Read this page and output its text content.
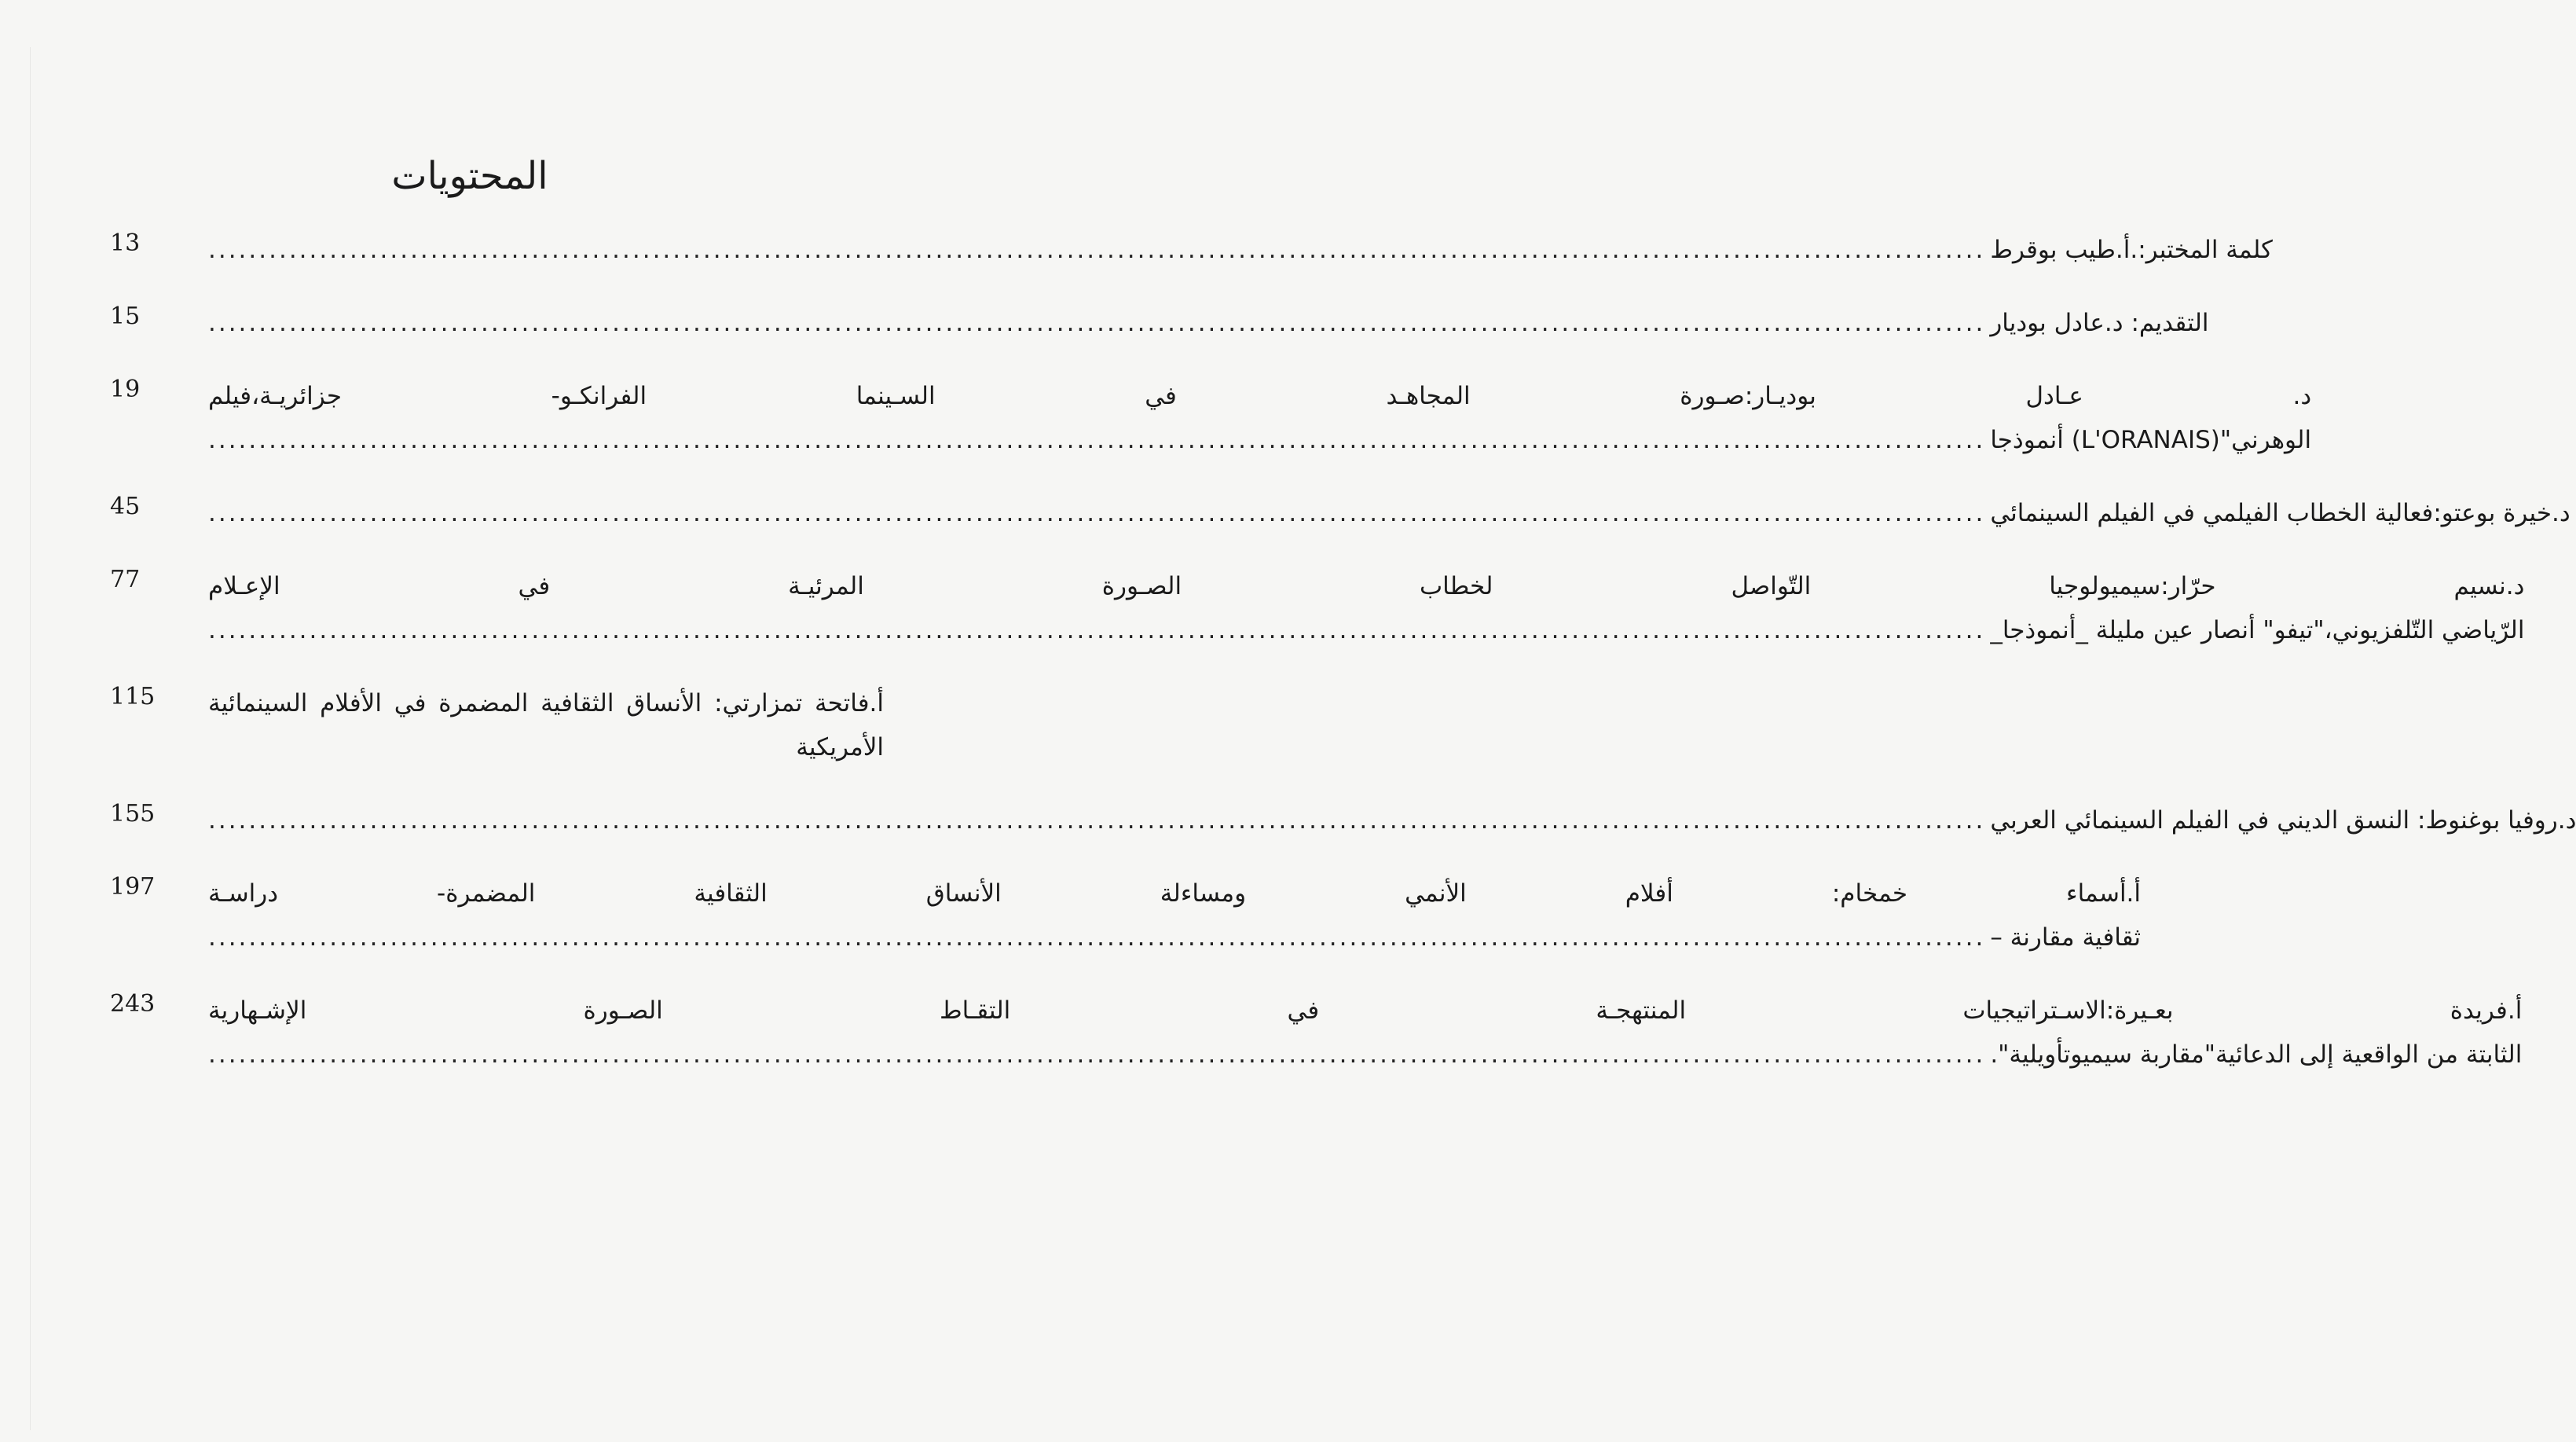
المحتويات
13	كلمة المختبر:.أ.طيب بوقرط
.....
15	التقديم: د.عادل بوديار
.....
19	د. عـادل بوديـار:صـورة المجاهـد في السـينما الفرانكـو- جزائريـة،فيلم
الوهرني"(L'ORANAIS) أنموذجا
.....
45	د.خيرة بوعتو:فعالية الخطاب الفيلمي في الفيلم السينمائي
.....
77	د.نسيم حرّار:سيميولوجيا التّواصل لخطاب الصـورة المرئيـة في الإعـلام
الرّياضي التّلفزيوني،"تيفو" أنصار عين مليلة _أنموذجا_
.....
115	أ.فاتحة تمزارتي: الأنساق الثقافية المضمرة في الأفلام السينمائية الأمريكية
155	د.روفيا بوغنوط: النسق الديني في الفيلم السينمائي العربي
.....
197	أ.أسماء خمخام: أفلام الأنمي ومساءلة الأنساق الثقافية المضمرة- دراسـة
ثقافية مقارنة –
.....
243	أ.فريدة بعـيرة:الاسـتراتيجيات المنتهجـة في التقـاط الصـورة الإشـهارية
الثابتة من الواقعية إلى الدعائية"مقاربة سيميوتأويلية".
.....
